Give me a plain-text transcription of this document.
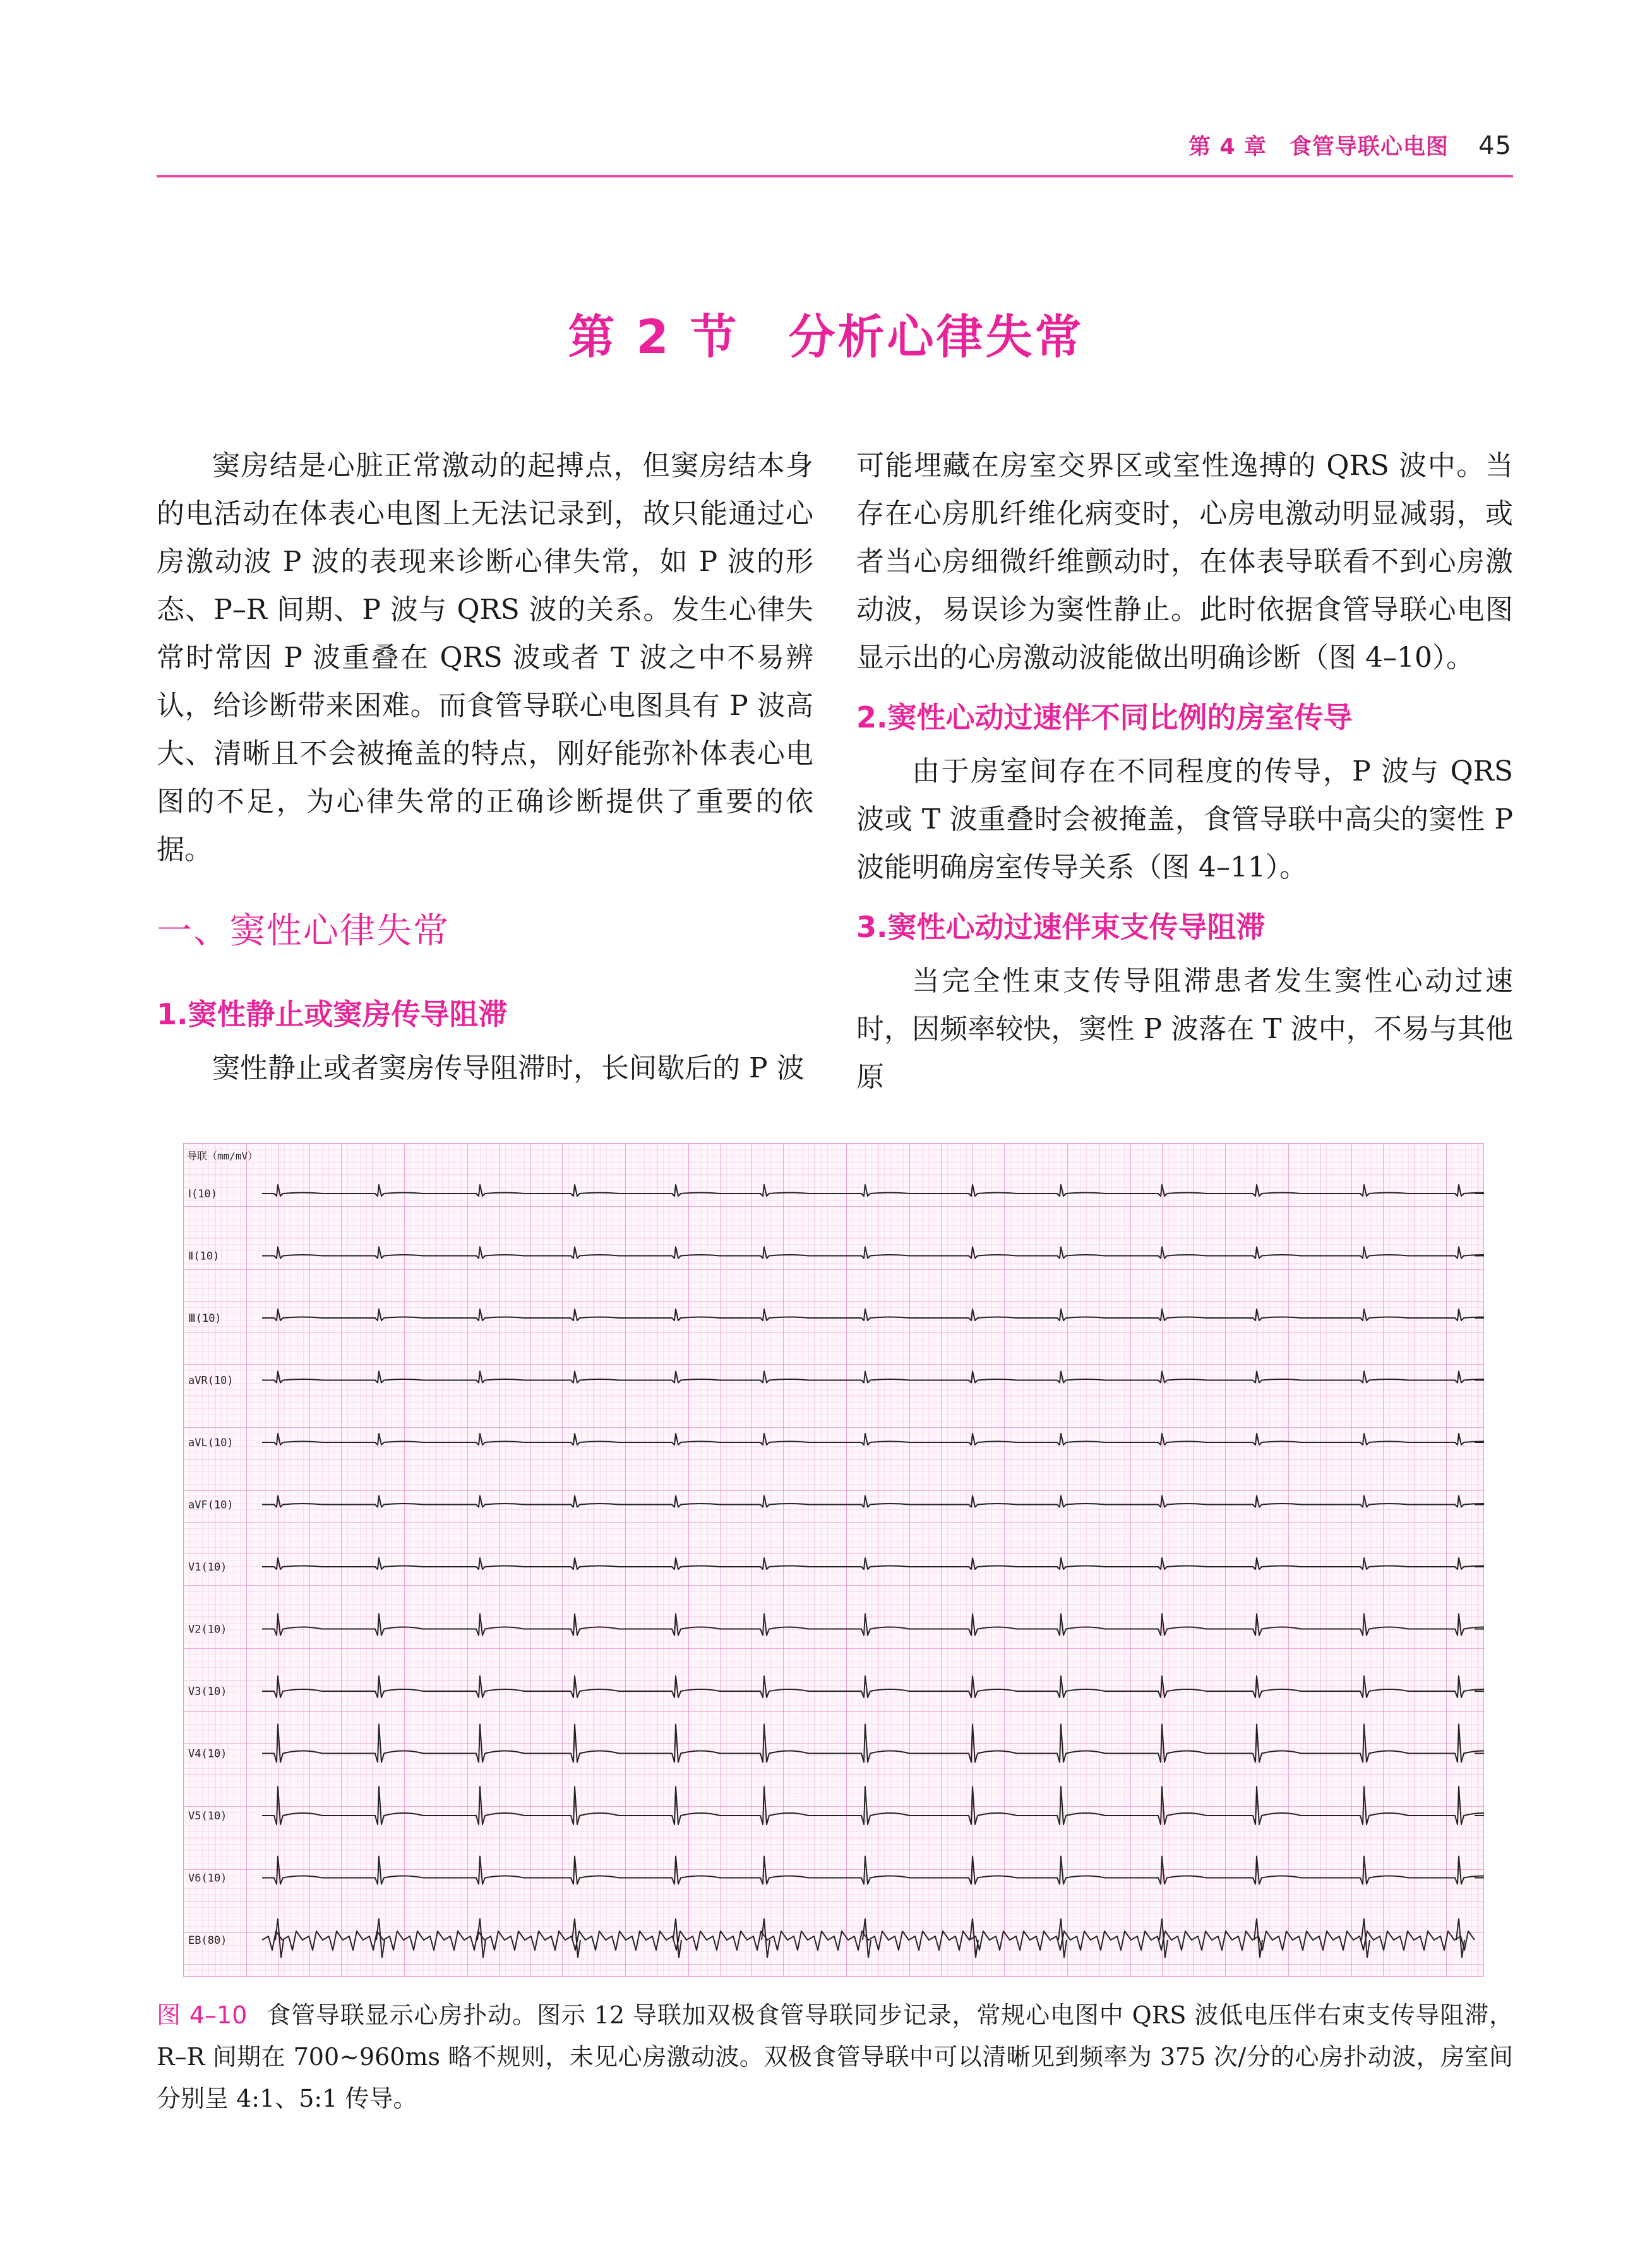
第 4 章　食管导联心电图 45
第 2 节　分析心律失常

窦房结是心脏正常激动的起搏点，但窦房结本身的电活动在体表心电图上无法记录到，故只能通过心房激动波 P 波的表现来诊断心律失常，如 P 波的形态、P–R 间期、P 波与 QRS 波的关系。发生心律失常时常因 P 波重叠在 QRS 波或者 T 波之中不易辨认，给诊断带来困难。而食管导联心电图具有 P 波高大、清晰且不会被掩盖的特点，刚好能弥补体表心电图的不足，为心律失常的正确诊断提供了重要的依据。

一、窦性心律失常
1.窦性静止或窦房传导阻滞

窦性静止或者窦房传导阻滞时，长间歇后的 P 波

可能埋藏在房室交界区或室性逸搏的 QRS 波中。当存在心房肌纤维化病变时，心房电激动明显减弱，或者当心房细微纤维颤动时，在体表导联看不到心房激动波，易误诊为窦性静止。此时依据食管导联心电图显示出的心房激动波能做出明确诊断（图 4–10）。

2.窦性心动过速伴不同比例的房室传导

由于房室间存在不同程度的传导，P 波与 QRS 波或 T 波重叠时会被掩盖，食管导联中高尖的窦性 P 波能明确房室传导关系（图 4–11）。

3.窦性心动过速伴束支传导阻滞

当完全性束支传导阻滞患者发生窦性心动过速时，因频率较快，窦性 P 波落在 T 波中，不易与其他原

导联（mm/mV）
Ⅰ(10)
Ⅱ(10)
Ⅲ(10)
aVR(10)
aVL(10)
aVF(10)
V1(10)
V2(10)
V3(10)
V4(10)
V5(10)
V6(10)
EB(80)
图 4–10 食管导联显示心房扑动。图示 12 导联加双极食管导联同步记录，常规心电图中 QRS 波低电压伴右束支传导阻滞，R–R 间期在 700~960ms 略不规则，未见心房激动波。双极食管导联中可以清晰见到频率为 375 次/分的心房扑动波，房室间分别呈 4:1、5:1 传导。
